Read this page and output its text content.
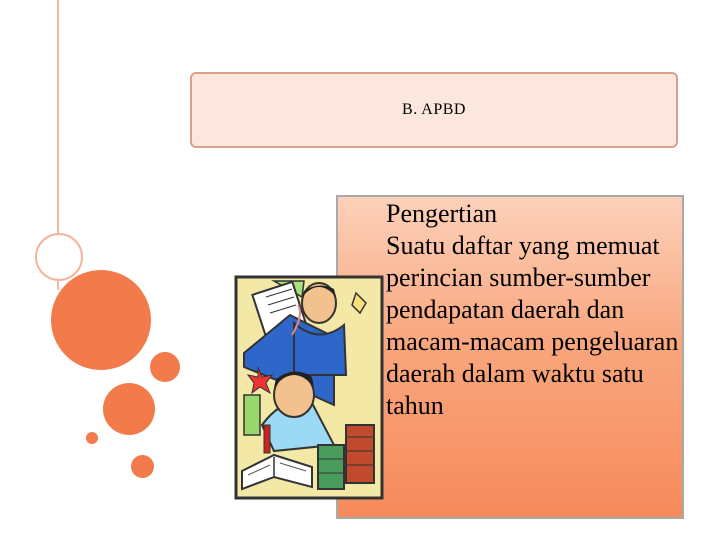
B. APBD
1. Pengertian
2. Suatu daftar yang memuat perincian sumber-sumber pendapatan daerah dan macam-macam pengeluaran daerah dalam waktu satu tahun
